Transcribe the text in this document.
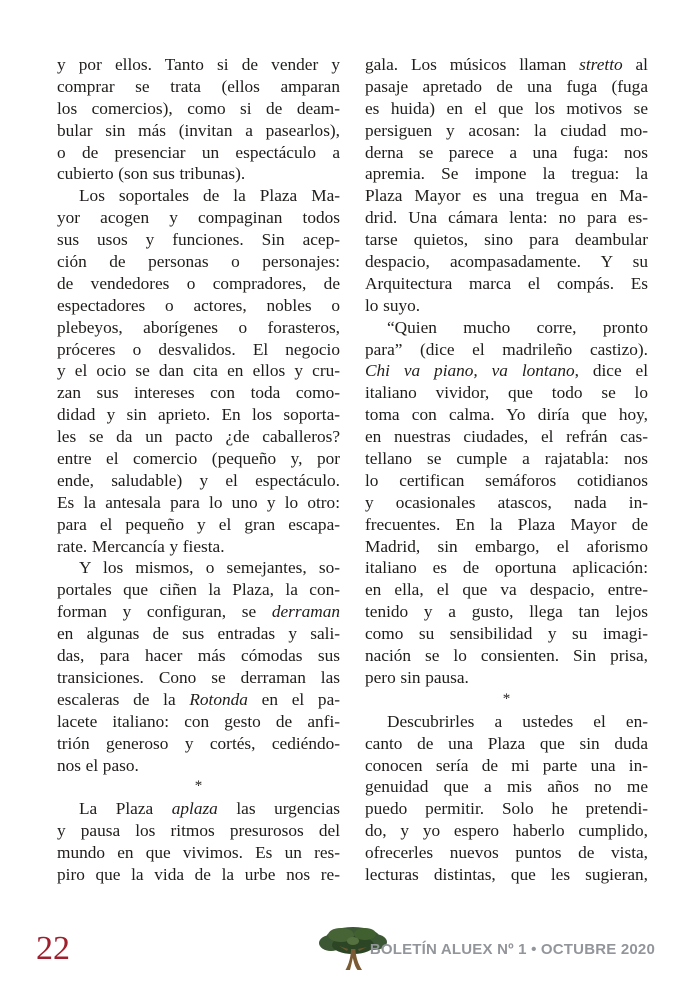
y por ellos. Tanto si de vender y
comprar se trata (ellos amparan
los comercios), como si de deam-
bular sin más (invitan a pasearlos),
o de presenciar un espectáculo a
cubierto (son sus tribunas).
Los soportales de la Plaza Ma-
yor acogen y compaginan todos
sus usos y funciones. Sin acep-
ción de personas o personajes:
de vendedores o compradores, de
espectadores o actores, nobles o
plebeyos, aborígenes o forasteros,
próceres o desvalidos. El negocio
y el ocio se dan cita en ellos y cru-
zan sus intereses con toda como-
didad y sin aprieto. En los soporta-
les se da un pacto ¿de caballeros?
entre el comercio (pequeño y, por
ende, saludable) y el espectáculo.
Es la antesala para lo uno y lo otro:
para el pequeño y el gran escapa-
rate. Mercancía y fiesta.
Y los mismos, o semejantes, so-
portales que ciñen la Plaza, la con-
forman y configuran, se derraman
en algunas de sus entradas y sali-
das, para hacer más cómodas sus
transiciones. Cono se derraman las
escaleras de la Rotonda en el pa-
lacete italiano: con gesto de anfi-
trión generoso y cortés, cediéndo-
nos el paso.
*
La Plaza aplaza las urgencias
y pausa los ritmos presurosos del
mundo en que vivimos. Es un res-
piro que la vida de la urbe nos re-
gala. Los músicos llaman stretto al
pasaje apretado de una fuga (fuga
es huida) en el que los motivos se
persiguen y acosan: la ciudad mo-
derna se parece a una fuga: nos
apremia. Se impone la tregua: la
Plaza Mayor es una tregua en Ma-
drid. Una cámara lenta: no para es-
tarse quietos, sino para deambular
despacio, acompasadamente. Y su
Arquitectura marca el compás. Es
lo suyo.
“Quien mucho corre, pronto
para” (dice el madrileño castizo).
Chi va piano, va lontano, dice el
italiano vividor, que todo se lo
toma con calma. Yo diría que hoy,
en nuestras ciudades, el refrán cas-
tellano se cumple a rajatabla: nos
lo certifican semáforos cotidianos
y ocasionales atascos, nada in-
frecuentes. En la Plaza Mayor de
Madrid, sin embargo, el aforismo
italiano es de oportuna aplicación:
en ella, el que va despacio, entre-
tenido y a gusto, llega tan lejos
como su sensibilidad y su imagi-
nación se lo consienten. Sin prisa,
pero sin pausa.
*
Descubrirles a ustedes el en-
canto de una Plaza que sin duda
conocen sería de mi parte una in-
genuidad que a mis años no me
puedo permitir. Solo he pretendi-
do, y yo espero haberlo cumplido,
ofrecerles nuevos puntos de vista,
lecturas distintas, que les sugieran,
22	BOLETÍN ALUEX Nº 1 • OCTUBRE 2020
